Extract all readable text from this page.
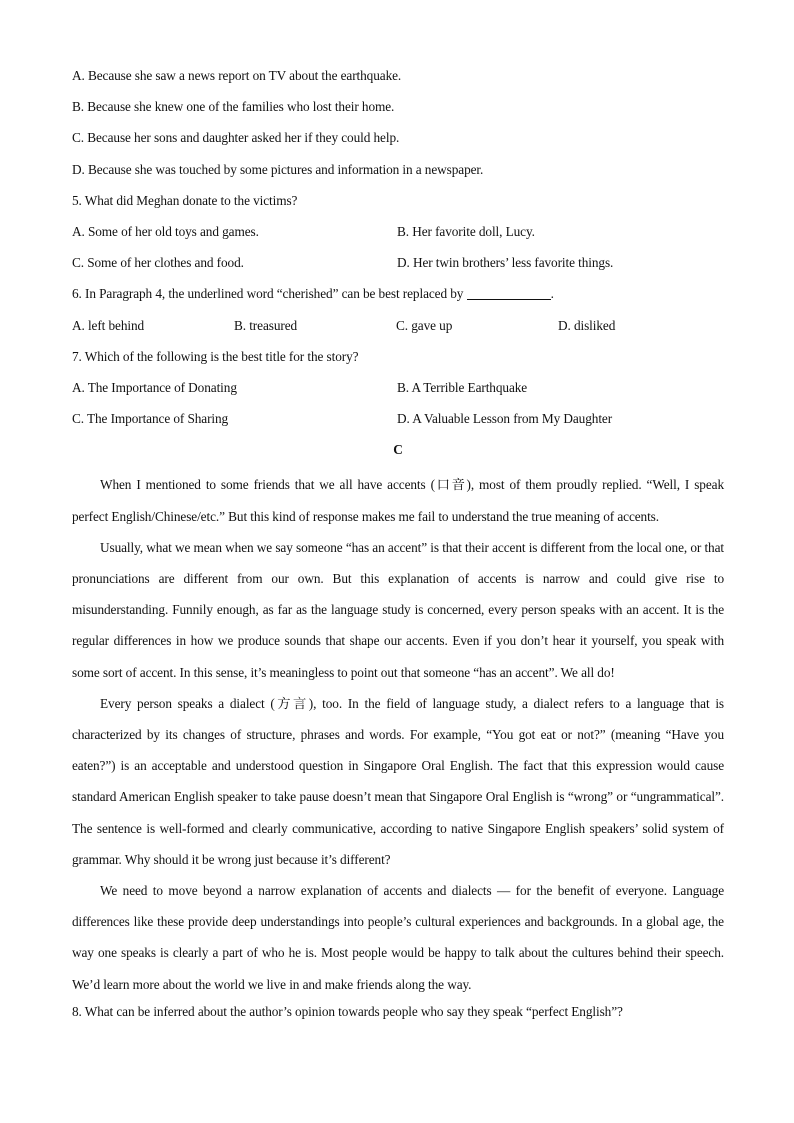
A. Because she saw a news report on TV about the earthquake.
B. Because she knew one of the families who lost their home.
C. Because her sons and daughter asked her if they could help.
D. Because she was touched by some pictures and information in a newspaper.
5. What did Meghan donate to the victims?
A. Some of her old toys and games.	B. Her favorite doll, Lucy.
C. Some of her clothes and food.	D. Her twin brothers’ less favorite things.
6. In Paragraph 4, the underlined word “cherished” can be best replaced by	.
A. left behind	B. treasured	C. gave up	D. disliked
7. Which of the following is the best title for the story?
A. The Importance of Donating	B. A Terrible Earthquake
C. The Importance of Sharing	D. A Valuable Lesson from My Daughter
C

When I mentioned to some friends that we all have accents (口音), most of them proudly replied. “Well, I speak perfect English/Chinese/etc.” But this kind of response makes me fail to understand the true meaning of accents.

Usually, what we mean when we say someone “has an accent” is that their accent is different from the local one, or that pronunciations are different from our own. But this explanation of accents is narrow and could give rise to misunderstanding. Funnily enough, as far as the language study is concerned, every person speaks with an accent. It is the regular differences in how we produce sounds that shape our accents. Even if you don’t hear it yourself, you speak with some sort of accent. In this sense, it’s meaningless to point out that someone “has an accent”. We all do!

Every person speaks a dialect (方言), too. In the field of language study, a dialect refers to a language that is characterized by its changes of structure, phrases and words. For example, “You got eat or not?” (meaning “Have you eaten?”) is an acceptable and understood question in Singapore Oral English. The fact that this expression would cause standard American English speaker to take pause doesn’t mean that Singapore Oral English is “wrong” or “ungrammatical”. The sentence is well-formed and clearly communicative, according to native Singapore English speakers’ solid system of grammar. Why should it be wrong just because it’s different?

We need to move beyond a narrow explanation of accents and dialects — for the benefit of everyone. Language differences like these provide deep understandings into people’s cultural experiences and backgrounds. In a global age, the way one speaks is clearly a part of who he is. Most people would be happy to talk about the cultures behind their speech. We’d learn more about the world we live in and make friends along the way.

8. What can be inferred about the author’s opinion towards people who say they speak “perfect English”?
